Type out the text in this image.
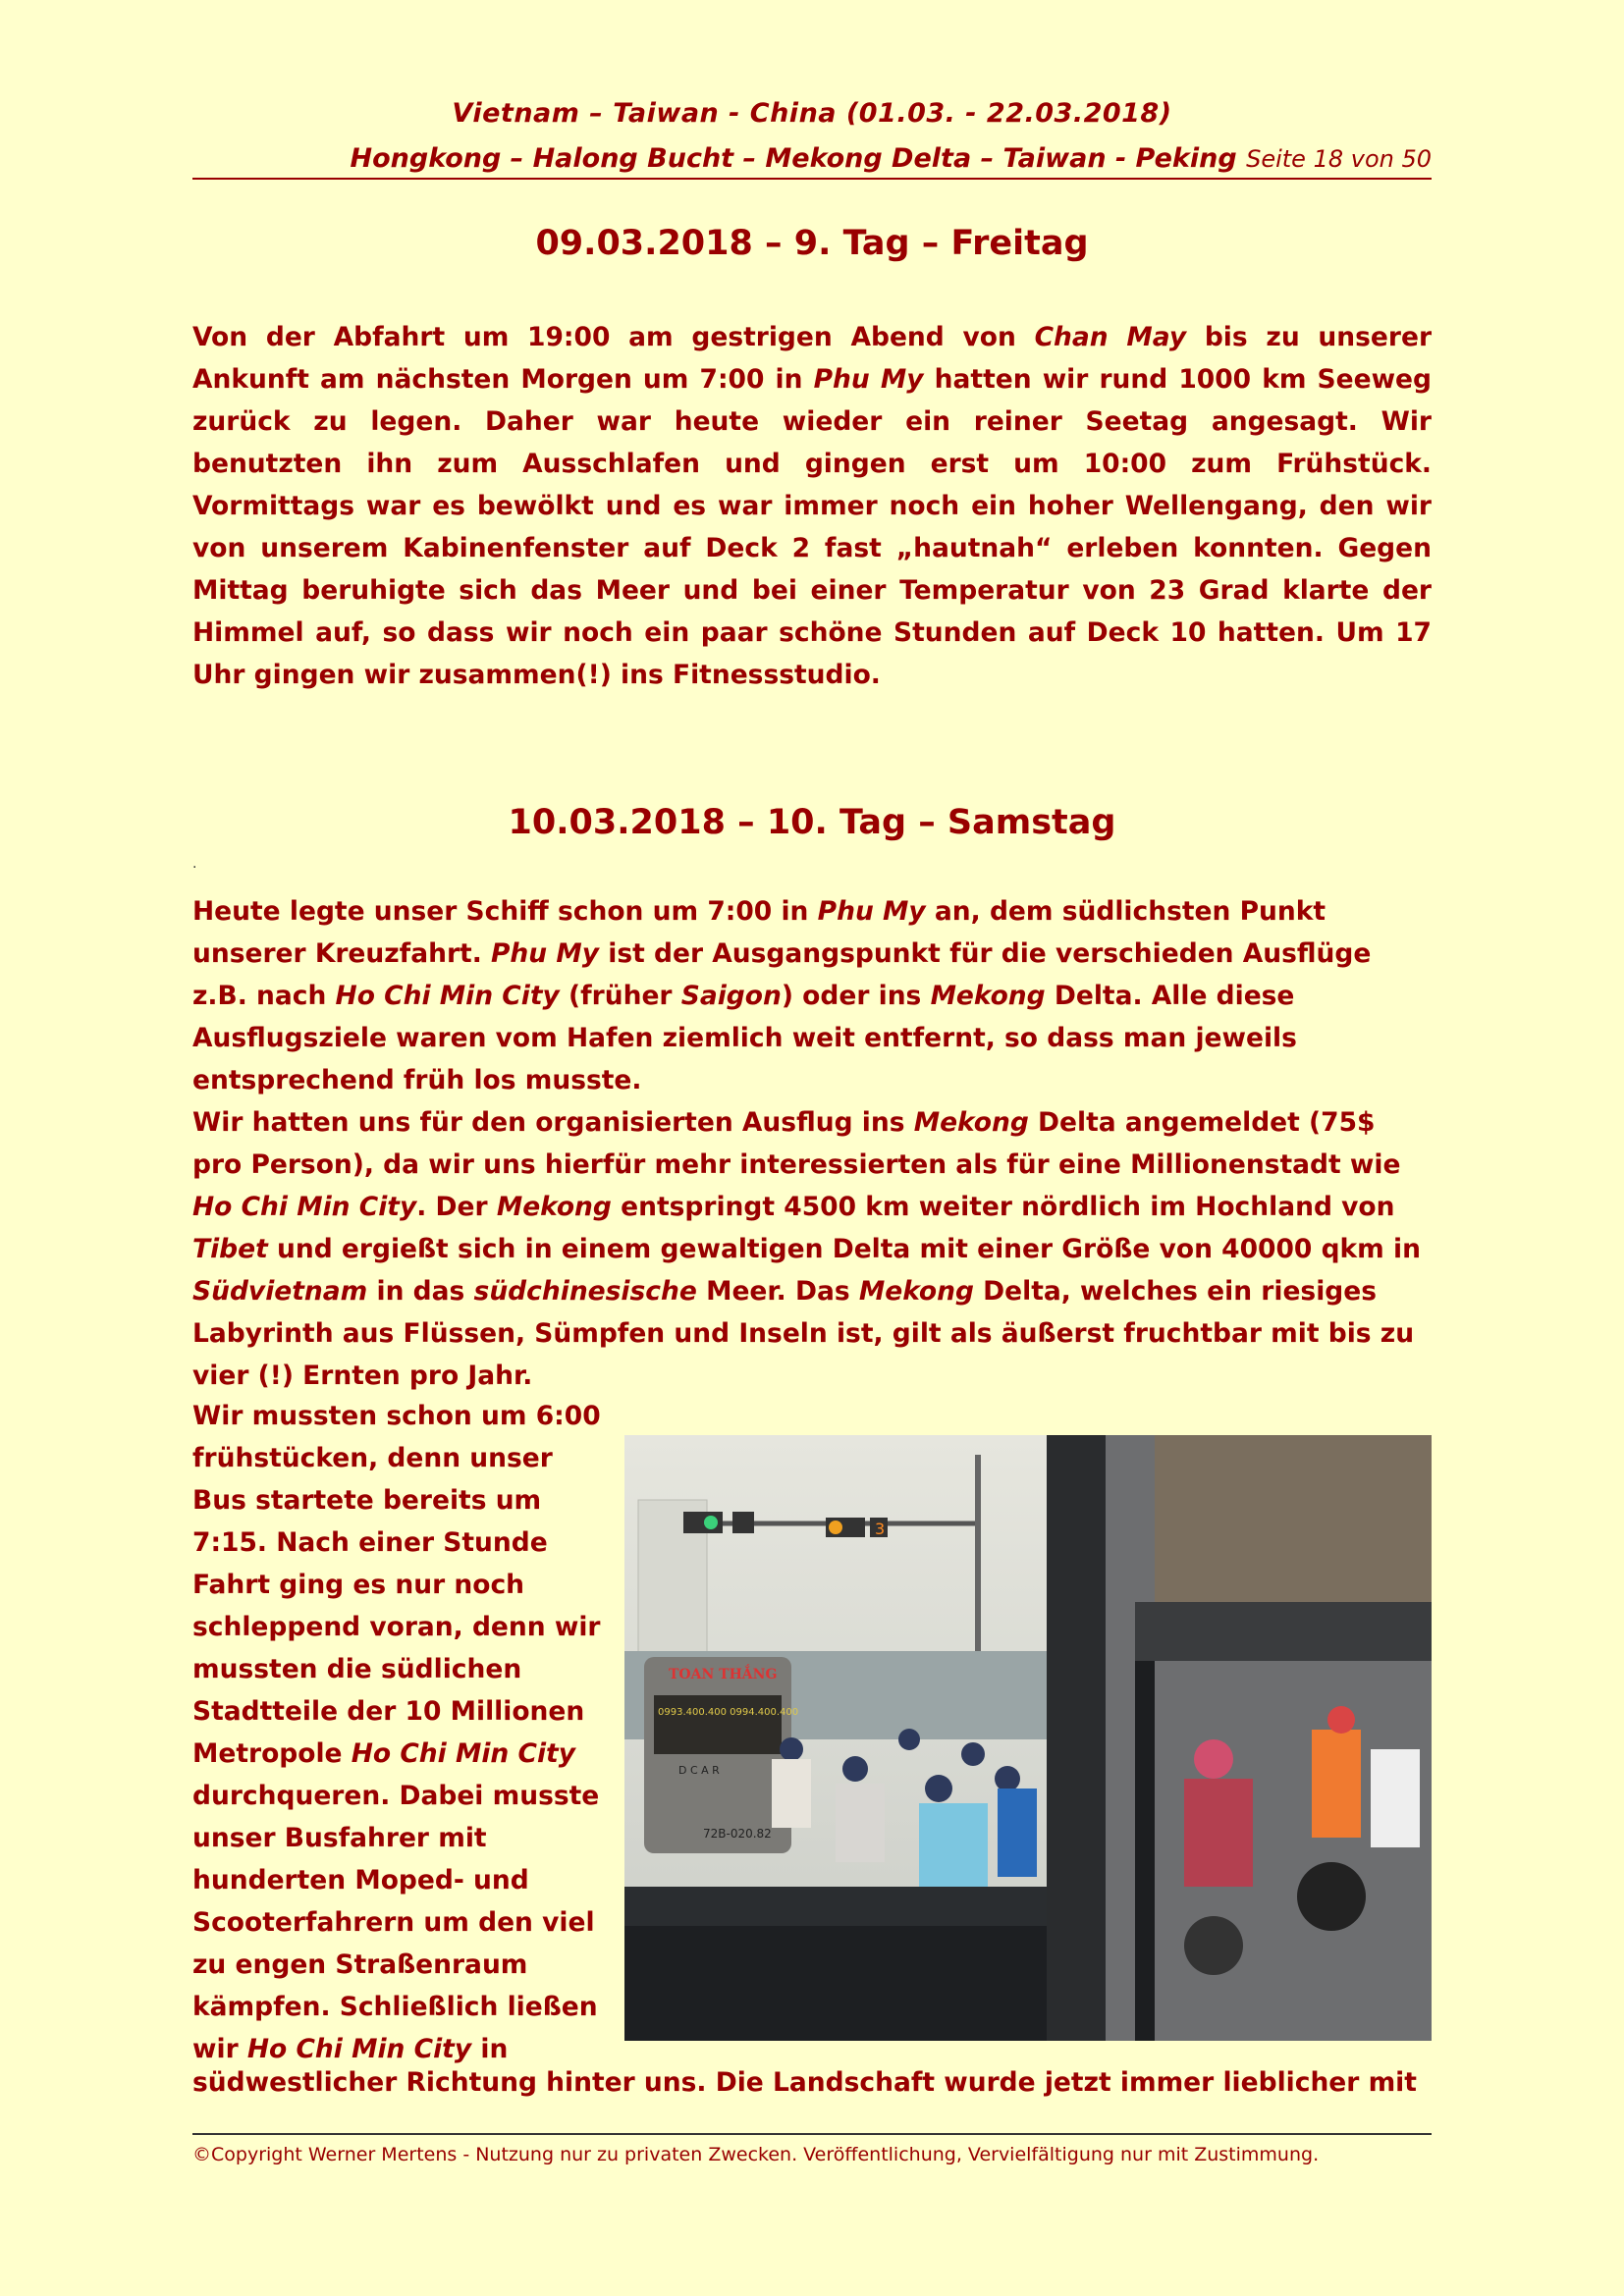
Vietnam – Taiwan - China (01.03. - 22.03.2018)
Hongkong – Halong Bucht – Mekong Delta – Taiwan - Peking Seite 18 von 50
09.03.2018 – 9. Tag – Freitag
Von der Abfahrt um 19:00 am gestrigen Abend von Chan May bis zu unserer Ankunft am nächsten Morgen um 7:00 in Phu My hatten wir rund 1000 km Seeweg zurück zu legen. Daher war heute wieder ein reiner Seetag angesagt. Wir benutzten ihn zum Ausschlafen und gingen erst um 10:00 zum Frühstück. Vormittags war es bewölkt und es war immer noch ein hoher Wellengang, den wir von unserem Kabinenfenster auf Deck 2 fast „hautnah“ erleben konnten. Gegen Mittag beruhigte sich das Meer und bei einer Temperatur von 23 Grad klarte der Himmel auf, so dass wir noch ein paar schöne Stunden auf Deck 10 hatten. Um 17 Uhr gingen wir zusammen(!) ins Fitnessstudio.
10.03.2018 – 10. Tag – Samstag
.
Heute legte unser Schiff schon um 7:00 in Phu My an, dem südlichsten Punkt
unserer Kreuzfahrt. Phu My ist der Ausgangspunkt für die verschieden Ausflüge
z.B. nach Ho Chi Min City (früher Saigon) oder ins Mekong Delta. Alle diese
Ausflugsziele waren vom Hafen ziemlich weit entfernt, so dass man jeweils
entsprechend früh los musste.
Wir hatten uns für den organisierten Ausflug ins Mekong Delta angemeldet (75$
pro Person), da wir uns hierfür mehr interessierten als für eine Millionenstadt wie
Ho Chi Min City. Der Mekong entspringt 4500 km weiter nördlich im Hochland von
Tibet und ergießt sich in einem gewaltigen Delta mit einer Größe von 40000 qkm in
Südvietnam in das südchinesische Meer. Das Mekong Delta, welches ein riesiges
Labyrinth aus Flüssen, Sümpfen und Inseln ist, gilt als äußerst fruchtbar mit bis zu
vier (!) Ernten pro Jahr.
Wir mussten schon um 6:00
frühstücken, denn unser
Bus startete bereits um
7:15. Nach einer Stunde
Fahrt ging es nur noch
schleppend voran, denn wir
mussten die südlichen
Stadtteile der 10 Millionen
Metropole Ho Chi Min City
durchqueren. Dabei musste
unser Busfahrer mit
hunderten Moped- und
Scooterfahrern um den viel
zu engen Straßenraum
kämpfen. Schließlich ließen
wir Ho Chi Min City in
3
TOAN THẮNG
0993.400.400 0994.400.400
D C A R
72B-020.82
südwestlicher Richtung hinter uns. Die Landschaft wurde jetzt immer lieblicher mit
©Copyright Werner Mertens - Nutzung nur zu privaten Zwecken. Veröffentlichung, Vervielfältigung nur mit Zustimmung.
